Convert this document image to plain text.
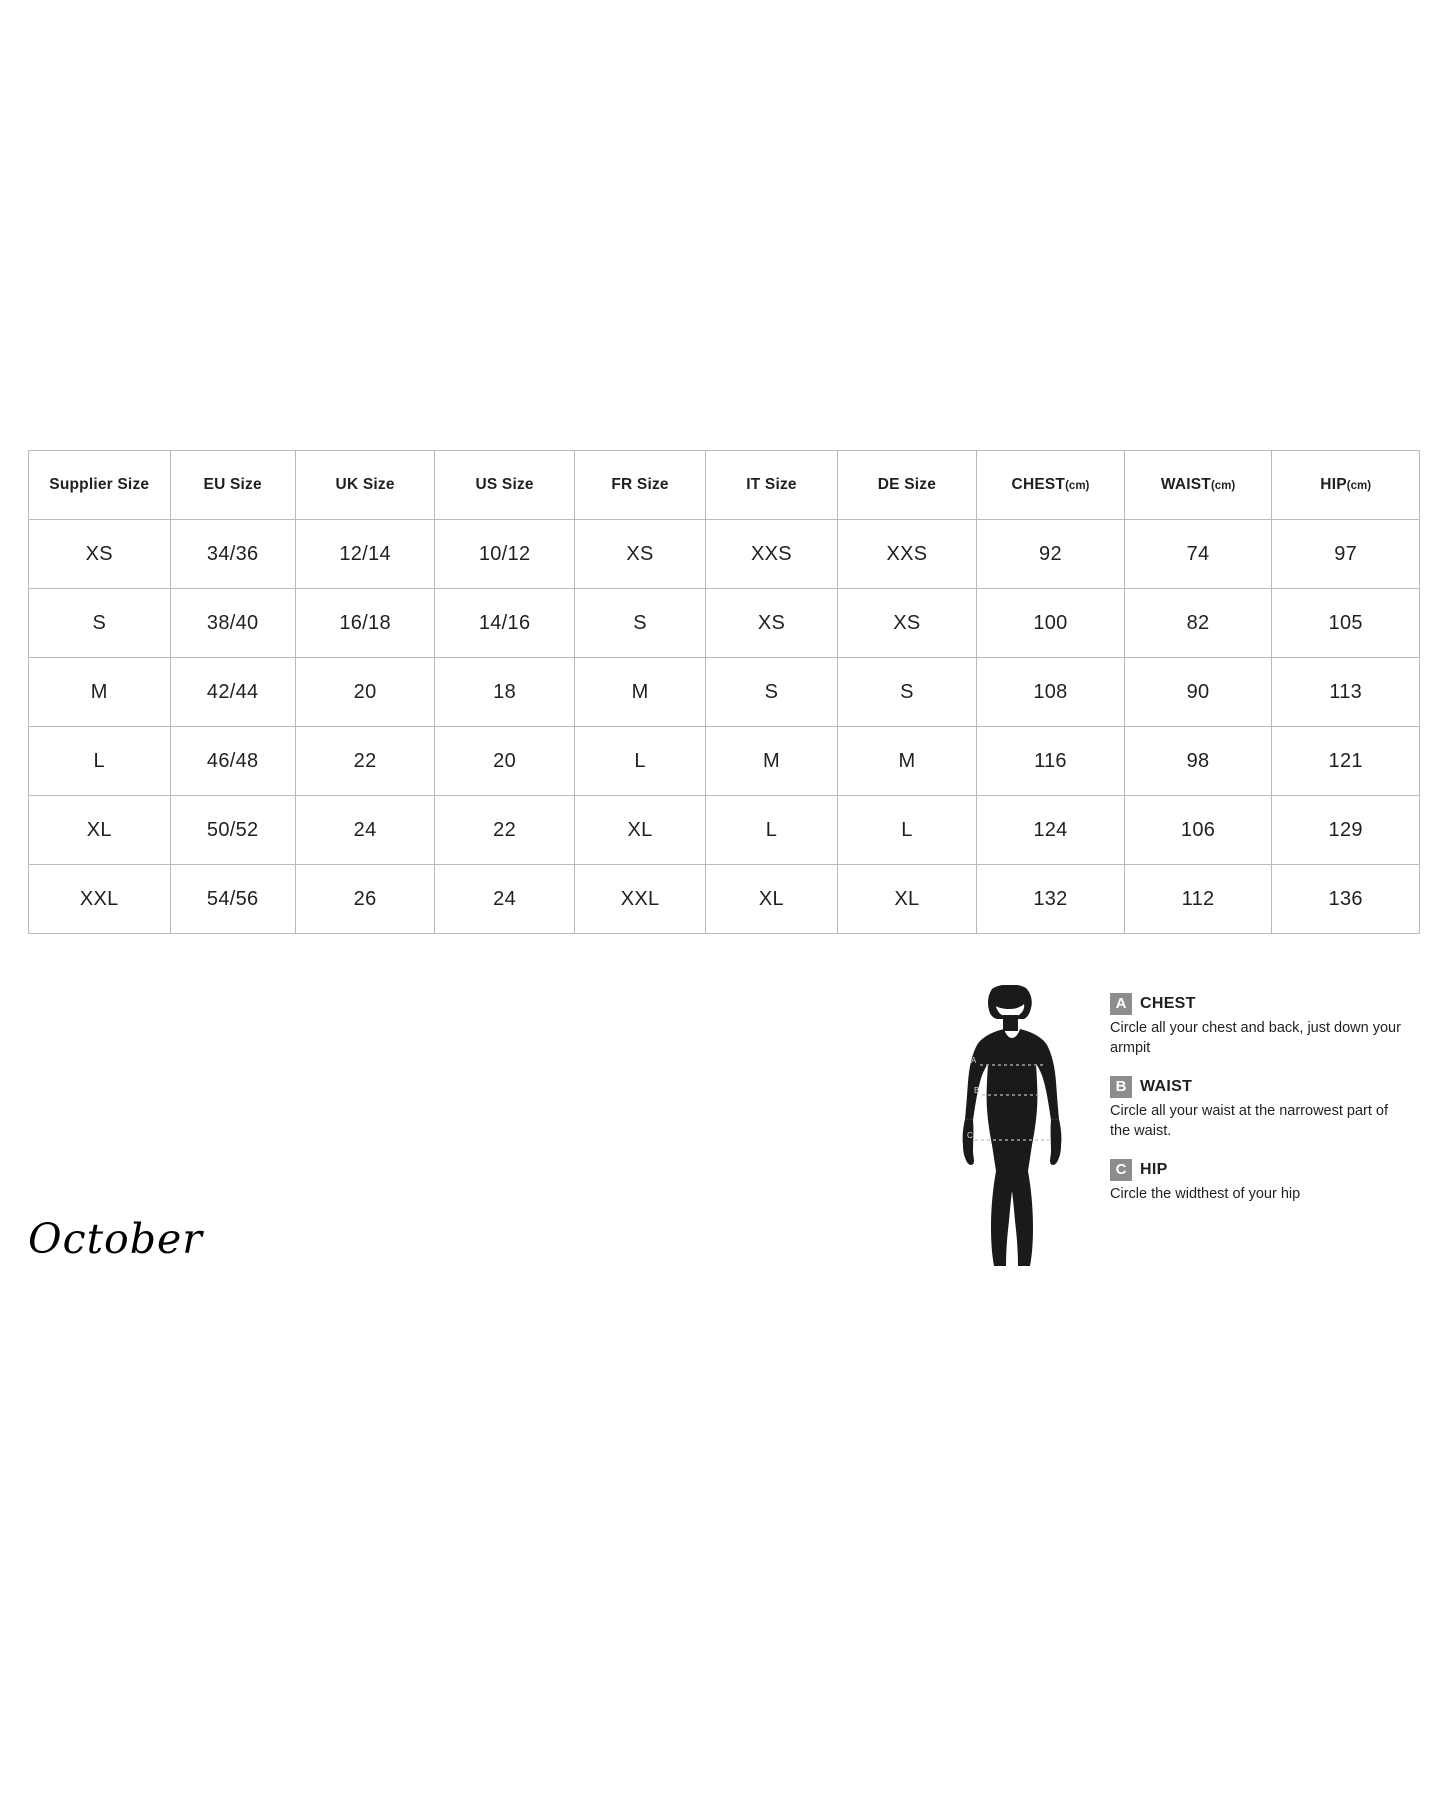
Supplier Size	EU Size	UK Size	US Size	FR Size	IT Size	DE Size	CHEST(cm)	WAIST(cm)	HIP(cm)
XS	34/36	12/14	10/12	XS	XXS	XXS	92	74	97
S	38/40	16/18	14/16	S	XS	XS	100	82	105
M	42/44	20	18	M	S	S	108	90	113
L	46/48	22	20	L	M	M	116	98	121
XL	50/52	24	22	XL	L	L	124	106	129
XXL	54/56	26	24	XXL	XL	XL	132	112	136
October
A
B
C
A CHEST
Circle all your chest and back, just down your armpit
B WAIST
Circle all your waist at the narrowest part of the waist.
C HIP
Circle the widthest of your hip
